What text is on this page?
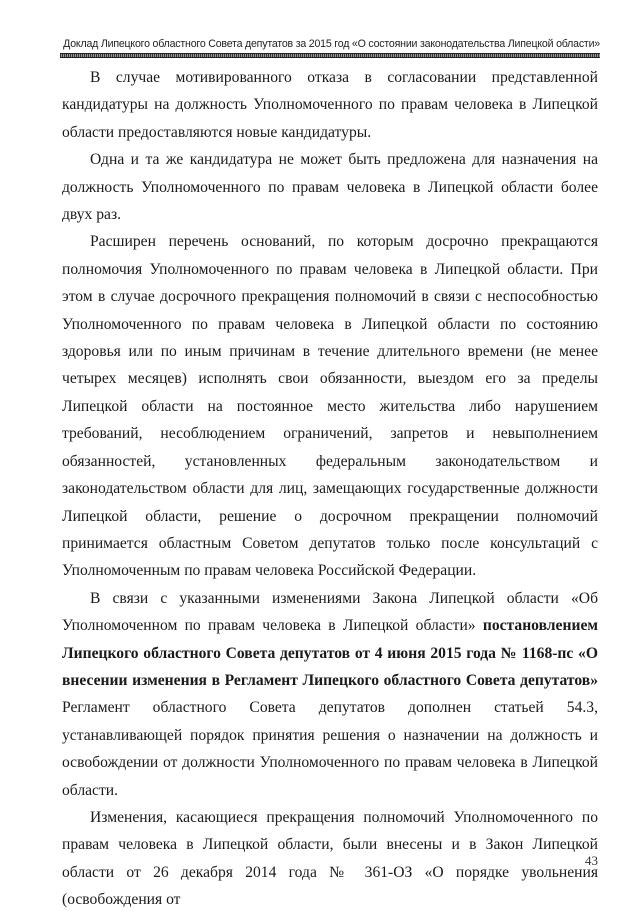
Доклад Липецкого областного Совета депутатов за 2015 год «О состоянии законодательства Липецкой области»

В случае мотивированного отказа в согласовании представленной кандидатуры на должность Уполномоченного по правам человека в Липецкой области предоставляются новые кандидатуры.

Одна и та же кандидатура не может быть предложена для назначения на должность Уполномоченного по правам человека в Липецкой области более двух раз.

Расширен перечень оснований, по которым досрочно прекращаются полномочия Уполномоченного по правам человека в Липецкой области. При этом в случае досрочного прекращения полномочий в связи с неспособностью Уполномоченного по правам человека в Липецкой области по состоянию здоровья или по иным причинам в течение длительного времени (не менее четырех месяцев) исполнять свои обязанности, выездом его за пределы Липецкой области на постоянное место жительства либо нарушением требований, несоблюдением ограничений, запретов и невыполнением обязанностей, установленных федеральным законодательством и законодательством области для лиц, замещающих государственные должности Липецкой области, решение о досрочном прекращении полномочий принимается областным Советом депутатов только после консультаций с Уполномоченным по правам человека Российской Федерации.

В связи с указанными изменениями Закона Липецкой области «Об Уполномоченном по правам человека в Липецкой области» постановлением Липецкого областного Совета депутатов от 4 июня 2015 года № 1168-пс «О внесении изменения в Регламент Липецкого областного Совета депутатов» Регламент областного Совета депутатов дополнен статьей 54.3, устанавливающей порядок принятия решения о назначении на должность и освобождении от должности Уполномоченного по правам человека в Липецкой области.

Изменения, касающиеся прекращения полномочий Уполномоченного по правам человека в Липецкой области, были внесены и в Закон Липецкой области от 26 декабря 2014 года № 361-ОЗ «О порядке увольнения (освобождения от

43
